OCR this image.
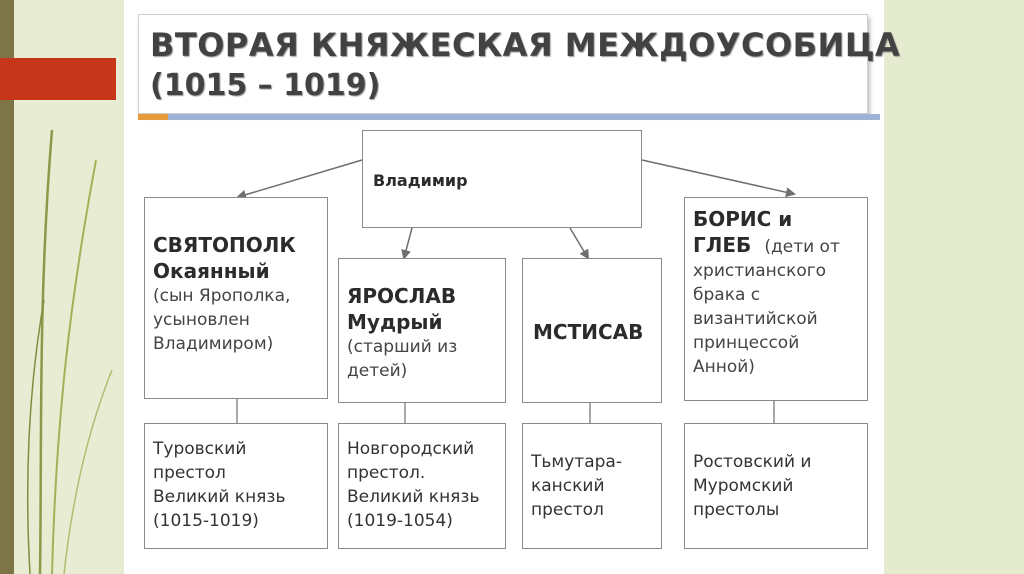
ВТОРАЯ КНЯЖЕСКАЯ МЕЖДОУСОБИЦА
(1015 – 1019)
Владимир
СВЯТОПОЛК
Окаянный
(сын Ярополка,
усыновлен
Владимиром)
ЯРОСЛАВ
Мудрый
(старший из
детей)
МСТИСАВ
БОРИС и
ГЛЕБ (дети от
христианского
брака с
византийской
принцессой
Анной)
Туровский
престол
Великий князь
(1015-1019)
Новгородский
престол.
Великий князь
(1019-1054)
Тьмутара-
канский
престол
Ростовский и
Муромский
престолы
